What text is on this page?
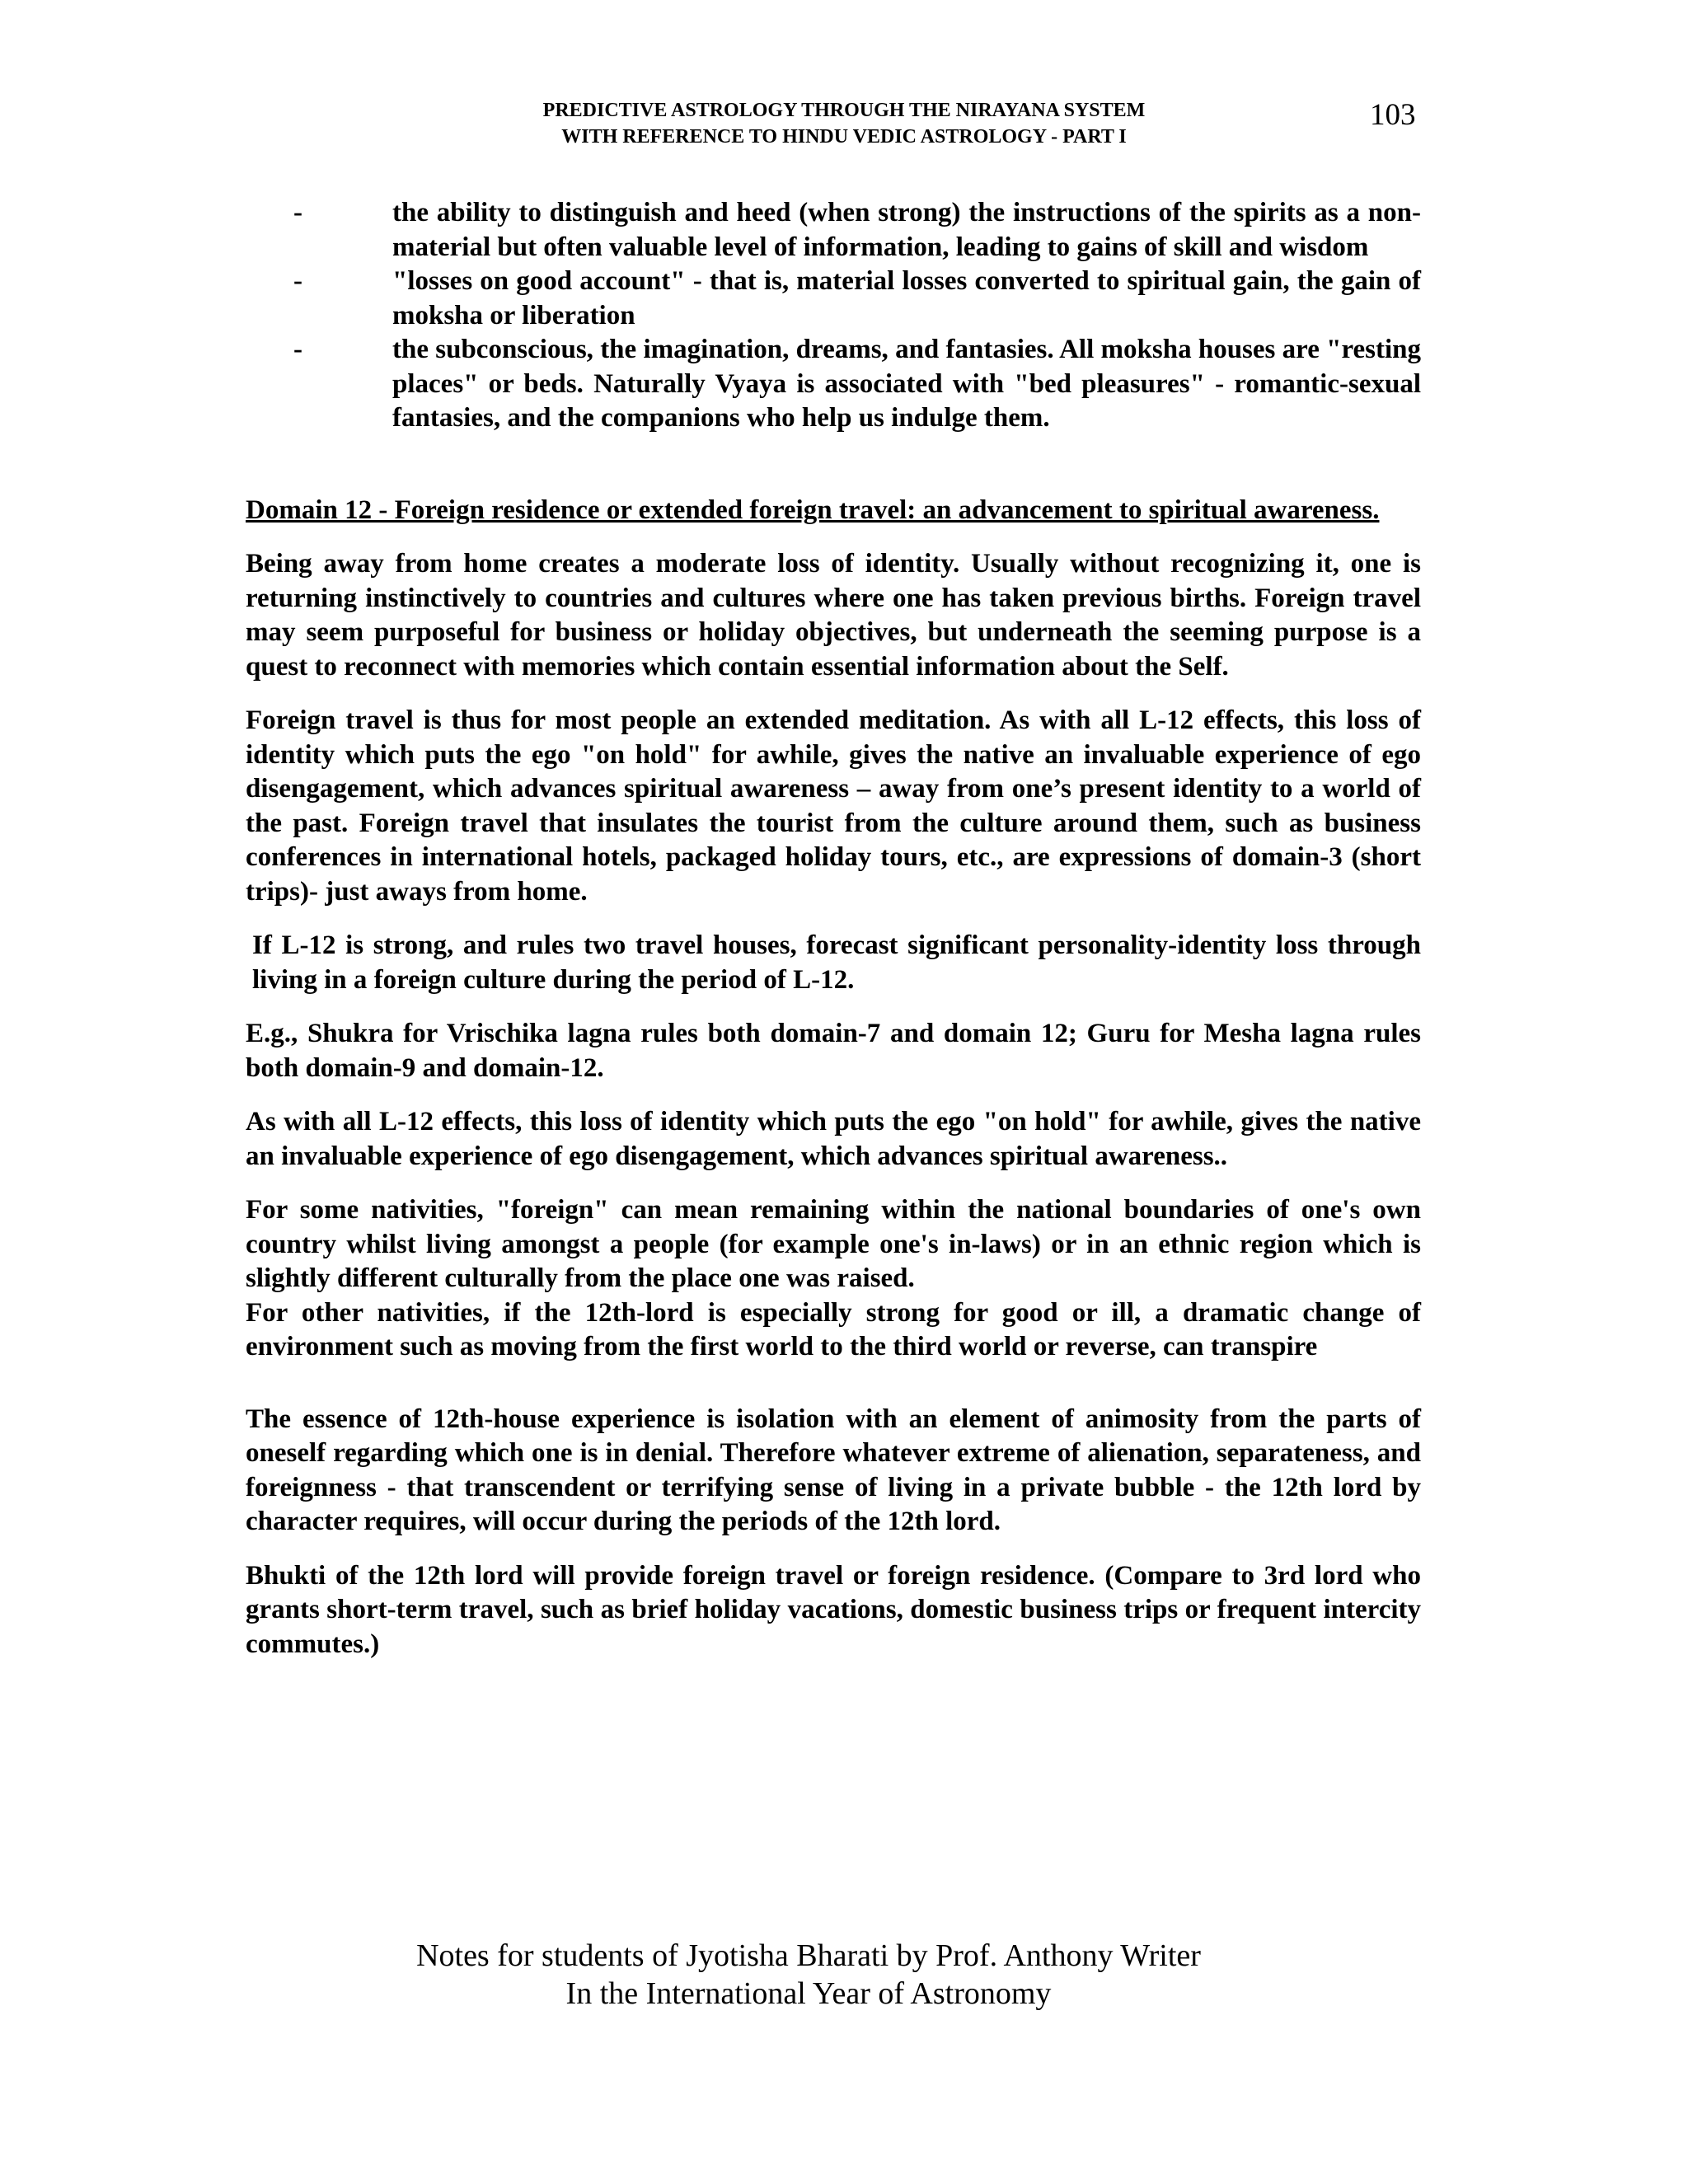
PREDICTIVE ASTROLOGY THROUGH THE NIRAYANA SYSTEM
WITH REFERENCE TO HINDU VEDIC ASTROLOGY - PART I
103
-	the ability to distinguish and heed (when strong) the instructions of the spirits as a non-material but often valuable level of information, leading to gains of skill and wisdom
-	"losses on good account" - that is, material losses converted to spiritual gain, the gain of moksha or liberation
-	the subconscious, the imagination, dreams, and fantasies. All moksha houses are "resting places" or beds. Naturally Vyaya is associated with "bed pleasures" - romantic-sexual fantasies, and the companions who help us indulge them.
Domain 12 - Foreign residence or extended foreign travel: an advancement to spiritual awareness.

Being away from home creates a moderate loss of identity. Usually without recognizing it, one is returning instinctively to countries and cultures where one has taken previous births. Foreign travel may seem purposeful for business or holiday objectives, but underneath the seeming purpose is a quest to reconnect with memories which contain essential information about the Self.

Foreign travel is thus for most people an extended meditation. As with all L-12 effects, this loss of identity which puts the ego "on hold" for awhile, gives the native an invaluable experience of ego disengagement, which advances spiritual awareness – away from one’s present identity to a world of the past. Foreign travel that insulates the tourist from the culture around them, such as business conferences in international hotels, packaged holiday tours, etc., are expressions of domain-3 (short trips)- just aways from home.

If L-12 is strong, and rules two travel houses, forecast significant personality-identity loss through living in a foreign culture during the period of L-12.

E.g., Shukra for Vrischika lagna rules both domain-7 and domain 12; Guru for Mesha lagna rules both domain-9 and domain-12.

As with all L-12 effects, this loss of identity which puts the ego "on hold" for awhile, gives the native an invaluable experience of ego disengagement, which advances spiritual awareness..

For some nativities, "foreign" can mean remaining within the national boundaries of one's own country whilst living amongst a people (for example one's in-laws) or in an ethnic region which is slightly different culturally from the place one was raised.

For other nativities, if the 12th-lord is especially strong for good or ill, a dramatic change of environment such as moving from the first world to the third world or reverse, can transpire

The essence of 12th-house experience is isolation with an element of animosity from the parts of oneself regarding which one is in denial. Therefore whatever extreme of alienation, separateness, and foreignness - that transcendent or terrifying sense of living in a private bubble - the 12th lord by character requires, will occur during the periods of the 12th lord.

Bhukti of the 12th lord will provide foreign travel or foreign residence. (Compare to 3rd lord who grants short-term travel, such as brief holiday vacations, domestic business trips or frequent intercity commutes.)

Notes for students of Jyotisha Bharati by Prof. Anthony Writer
In the International Year of Astronomy
